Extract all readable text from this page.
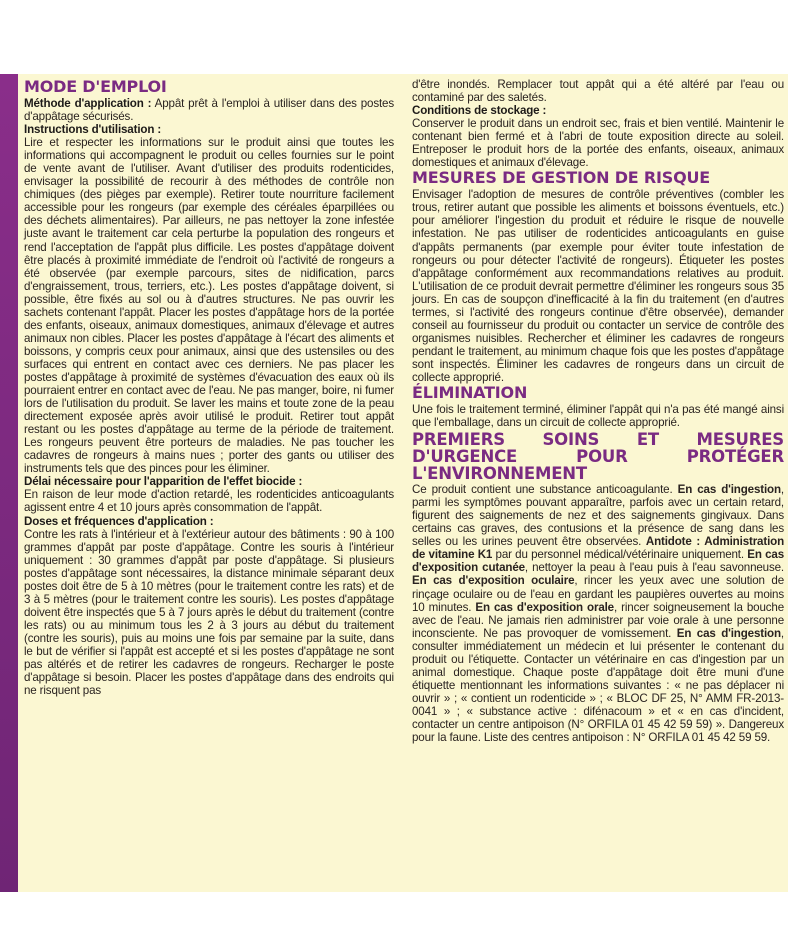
MODE D'EMPLOI

Méthode d'application : Appât prêt à l'emploi à utiliser dans des postes d'appâtage sécurisés.

Instructions d'utilisation :

Lire et respecter les informations sur le produit ainsi que toutes les informations qui accompagnent le produit ou celles fournies sur le point de vente avant de l'utiliser. Avant d'utiliser des produits rodenticides, envisager la possibilité de recourir à des méthodes de contrôle non chimiques (des pièges par exemple). Retirer toute nourriture facilement accessible pour les rongeurs (par exemple des céréales éparpillées ou des déchets alimentaires). Par ailleurs, ne pas nettoyer la zone infestée juste avant le traitement car cela perturbe la population des rongeurs et rend l'acceptation de l'appât plus difficile. Les postes d'appâtage doivent être placés à proximité immédiate de l'endroit où l'activité de rongeurs a été observée (par exemple parcours, sites de nidification, parcs d'engraissement, trous, terriers, etc.). Les postes d'appâtage doivent, si possible, être fixés au sol ou à d'autres structures. Ne pas ouvrir les sachets contenant l'appât. Placer les postes d'appâtage hors de la portée des enfants, oiseaux, animaux domestiques, animaux d'élevage et autres animaux non cibles. Placer les postes d'appâtage à l'écart des aliments et boissons, y compris ceux pour animaux, ainsi que des ustensiles ou des surfaces qui entrent en contact avec ces derniers. Ne pas placer les postes d'appâtage à proximité de systèmes d'évacuation des eaux où ils pourraient entrer en contact avec de l'eau. Ne pas manger, boire, ni fumer lors de l'utilisation du produit. Se laver les mains et toute zone de la peau directement exposée après avoir utilisé le produit. Retirer tout appât restant ou les postes d'appâtage au terme de la période de traitement. Les rongeurs peuvent être porteurs de maladies. Ne pas toucher les cadavres de rongeurs à mains nues ; porter des gants ou utiliser des instruments tels que des pinces pour les éliminer.

Délai nécessaire pour l'apparition de l'effet biocide :

En raison de leur mode d'action retardé, les rodenticides anticoagulants agissent entre 4 et 10 jours après consommation de l'appât.

Doses et fréquences d'application :

Contre les rats à l'intérieur et à l'extérieur autour des bâtiments : 90 à 100 grammes d'appât par poste d'appâtage. Contre les souris à l'intérieur uniquement : 30 grammes d'appât par poste d'appâtage. Si plusieurs postes d'appâtage sont nécessaires, la distance minimale séparant deux postes doit être de 5 à 10 mètres (pour le traitement contre les rats) et de 3 à 5 mètres (pour le traitement contre les souris). Les postes d'appâtage doivent être inspectés que 5 à 7 jours après le début du traitement (contre les rats) ou au minimum tous les 2 à 3 jours au début du traitement (contre les souris), puis au moins une fois par semaine par la suite, dans le but de vérifier si l'appât est accepté et si les postes d'appâtage ne sont pas altérés et de retirer les cadavres de rongeurs. Recharger le poste d'appâtage si besoin. Placer les postes d'appâtage dans des endroits qui ne risquent pas

d'être inondés. Remplacer tout appât qui a été altéré par l'eau ou contaminé par des saletés.

Conditions de stockage :

Conserver le produit dans un endroit sec, frais et bien ventilé. Maintenir le contenant bien fermé et à l'abri de toute exposition directe au soleil. Entreposer le produit hors de la portée des enfants, oiseaux, animaux domestiques et animaux d'élevage.

MESURES DE GESTION DE RISQUE

Envisager l'adoption de mesures de contrôle préventives (combler les trous, retirer autant que possible les aliments et boissons éventuels, etc.) pour améliorer l'ingestion du produit et réduire le risque de nouvelle infestation. Ne pas utiliser de rodenticides anticoagulants en guise d'appâts permanents (par exemple pour éviter toute infestation de rongeurs ou pour détecter l'activité de rongeurs). Étiqueter les postes d'appâtage conformément aux recommandations relatives au produit. L'utilisation de ce produit devrait permettre d'éliminer les rongeurs sous 35 jours. En cas de soupçon d'inefficacité à la fin du traitement (en d'autres termes, si l'activité des rongeurs continue d'être observée), demander conseil au fournisseur du produit ou contacter un service de contrôle des organismes nuisibles. Rechercher et éliminer les cadavres de rongeurs pendant le traitement, au minimum chaque fois que les postes d'appâtage sont inspectés. Éliminer les cadavres de rongeurs dans un circuit de collecte approprié.

ÉLIMINATION

Une fois le traitement terminé, éliminer l'appât qui n'a pas été mangé ainsi que l'emballage, dans un circuit de collecte approprié.

PREMIERS SOINS ET MESURES D'URGENCE POUR PROTÉGER L'ENVIRONNEMENT

Ce produit contient une substance anticoagulante. En cas d'ingestion, parmi les symptômes pouvant apparaître, parfois avec un certain retard, figurent des saignements de nez et des saignements gingivaux. Dans certains cas graves, des contusions et la présence de sang dans les selles ou les urines peuvent être observées. Antidote : Administration de vitamine K1 par du personnel médical/vétérinaire uniquement. En cas d'exposition cutanée, nettoyer la peau à l'eau puis à l'eau savonneuse. En cas d'exposition oculaire, rincer les yeux avec une solution de rinçage oculaire ou de l'eau en gardant les paupières ouvertes au moins 10 minutes. En cas d'exposition orale, rincer soigneusement la bouche avec de l'eau. Ne jamais rien administrer par voie orale à une personne inconsciente. Ne pas provoquer de vomissement. En cas d'ingestion, consulter immédiatement un médecin et lui présenter le contenant du produit ou l'étiquette. Contacter un vétérinaire en cas d'ingestion par un animal domestique. Chaque poste d'appâtage doit être muni d'une étiquette mentionnant les informations suivantes : « ne pas déplacer ni ouvrir » ; « contient un rodenticide » ; « BLOC DF 25, N° AMM FR-2013-0041 » ; « substance active : difénacoum » et « en cas d'incident, contacter un centre antipoison (N° ORFILA 01 45 42 59 59) ». Dangereux pour la faune. Liste des centres antipoison : N° ORFILA 01 45 42 59 59.
